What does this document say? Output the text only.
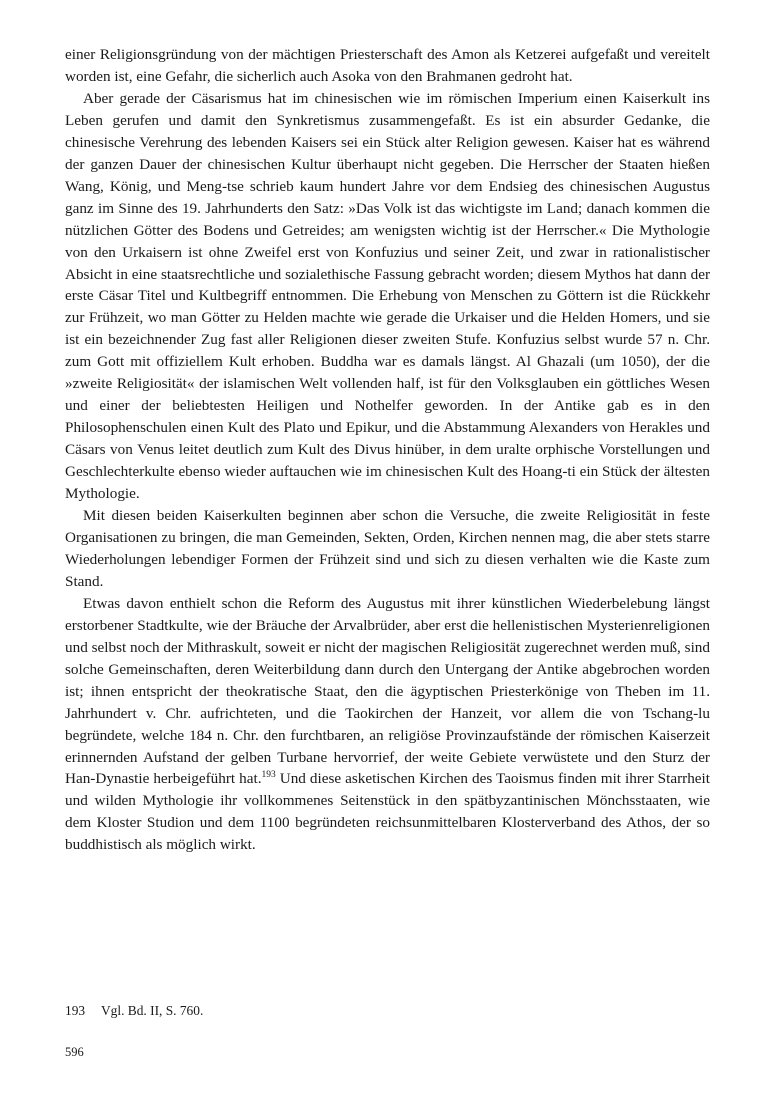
einer Religionsgründung von der mächtigen Priesterschaft des Amon als Ketzerei aufgefaßt und vereitelt worden ist, eine Gefahr, die sicherlich auch Asoka von den Brahmanen gedroht hat.

Aber gerade der Cäsarismus hat im chinesischen wie im römischen Imperium einen Kaiserkult ins Leben gerufen und damit den Synkretismus zusammengefaßt. Es ist ein absurder Gedanke, die chinesische Verehrung des lebenden Kaisers sei ein Stück alter Religion gewesen. Kaiser hat es während der ganzen Dauer der chinesischen Kultur überhaupt nicht gegeben. Die Herrscher der Staaten hießen Wang, König, und Meng-tse schrieb kaum hundert Jahre vor dem Endsieg des chinesischen Augustus ganz im Sinne des 19. Jahrhunderts den Satz: »Das Volk ist das wichtigste im Land; danach kommen die nützlichen Götter des Bodens und Getreides; am wenigsten wichtig ist der Herrscher.« Die Mythologie von den Urkaisern ist ohne Zweifel erst von Konfuzius und seiner Zeit, und zwar in rationalistischer Absicht in eine staatsrechtliche und sozialethische Fassung gebracht worden; diesem Mythos hat dann der erste Cäsar Titel und Kultbegriff entnommen. Die Erhebung von Menschen zu Göttern ist die Rückkehr zur Frühzeit, wo man Götter zu Helden machte wie gerade die Urkaiser und die Helden Homers, und sie ist ein bezeichnender Zug fast aller Religionen dieser zweiten Stufe. Konfuzius selbst wurde 57 n. Chr. zum Gott mit offiziellem Kult erhoben. Buddha war es damals längst. Al Ghazali (um 1050), der die »zweite Religiosität« der islamischen Welt vollenden half, ist für den Volksglauben ein göttliches Wesen und einer der beliebtesten Heiligen und Nothelfer geworden. In der Antike gab es in den Philosophenschulen einen Kult des Plato und Epikur, und die Abstammung Alexanders von Herakles und Cäsars von Venus leitet deutlich zum Kult des Divus hinüber, in dem uralte orphische Vorstellungen und Geschlechterkulte ebenso wieder auftauchen wie im chinesischen Kult des Hoang-ti ein Stück der ältesten Mythologie.

Mit diesen beiden Kaiserkulten beginnen aber schon die Versuche, die zweite Religiosität in feste Organisationen zu bringen, die man Gemeinden, Sekten, Orden, Kirchen nennen mag, die aber stets starre Wiederholungen lebendiger Formen der Frühzeit sind und sich zu diesen verhalten wie die Kaste zum Stand.

Etwas davon enthielt schon die Reform des Augustus mit ihrer künstlichen Wiederbelebung längst erstorbener Stadtkulte, wie der Bräuche der Arvalbrüder, aber erst die hellenistischen Mysterienreligionen und selbst noch der Mithraskult, soweit er nicht der magischen Religiosität zugerechnet werden muß, sind solche Gemeinschaften, deren Weiterbildung dann durch den Untergang der Antike abgebrochen worden ist; ihnen entspricht der theokratische Staat, den die ägyptischen Priesterkönige von Theben im 11. Jahrhundert v. Chr. aufrichteten, und die Taokirchen der Hanzeit, vor allem die von Tschang-lu begründete, welche 184 n. Chr. den furchtbaren, an religiöse Provinzaufstände der römischen Kaiserzeit erinnernden Aufstand der gelben Turbane hervorrief, der weite Gebiete verwüstete und den Sturz der Han-Dynastie herbeigeführt hat.$^{193}$ Und diese asketischen Kirchen des Taoismus finden mit ihrer Starrheit und wilden Mythologie ihr vollkommenes Seitenstück in den spätbyzantinischen Mönchsstaaten, wie dem Kloster Studion und dem 1100 begründeten reichsunmittelbaren Klosterverband des Athos, der so buddhistisch als möglich wirkt.

193 Vgl. Bd. II, S. 760.
596
